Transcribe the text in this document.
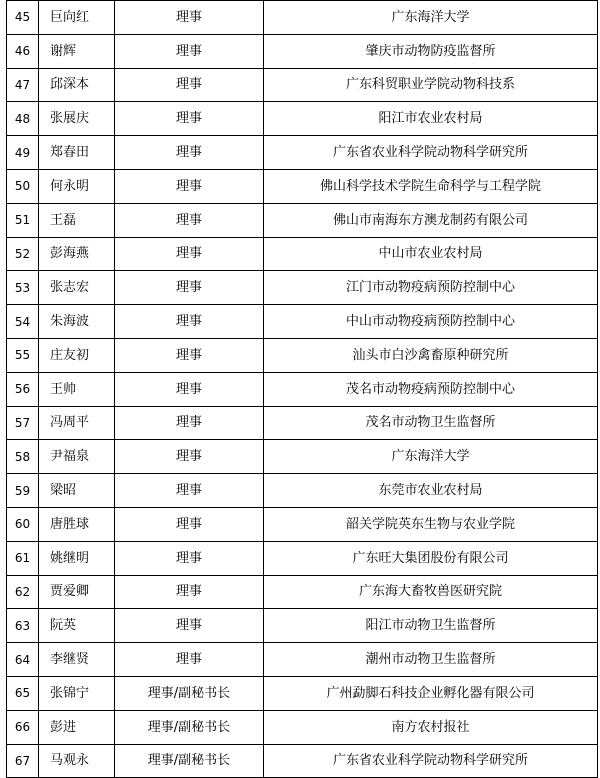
45	巨向红	理事	广东海洋大学
46	谢辉	理事	肇庆市动物防疫监督所
47	邱深本	理事	广东科贸职业学院动物科技系
48	张展庆	理事	阳江市农业农村局
49	郑春田	理事	广东省农业科学院动物科学研究所
50	何永明	理事	佛山科学技术学院生命科学与工程学院
51	王磊	理事	佛山市南海东方澳龙制药有限公司
52	彭海燕	理事	中山市农业农村局
53	张志宏	理事	江门市动物疫病预防控制中心
54	朱海波	理事	中山市动物疫病预防控制中心
55	庄友初	理事	汕头市白沙禽畜原种研究所
56	王帅	理事	茂名市动物疫病预防控制中心
57	冯周平	理事	茂名市动物卫生监督所
58	尹福泉	理事	广东海洋大学
59	梁昭	理事	东莞市农业农村局
60	唐胜球	理事	韶关学院英东生物与农业学院
61	姚继明	理事	广东旺大集团股份有限公司
62	贾爱卿	理事	广东海大畜牧兽医研究院
63	阮英	理事	阳江市动物卫生监督所
64	李继贤	理事	潮州市动物卫生监督所
65	张锦宁	理事/副秘书长	广州勐脚石科技企业孵化器有限公司
66	彭进	理事/副秘书长	南方农村报社
67	马观永	理事/副秘书长	广东省农业科学院动物科学研究所
